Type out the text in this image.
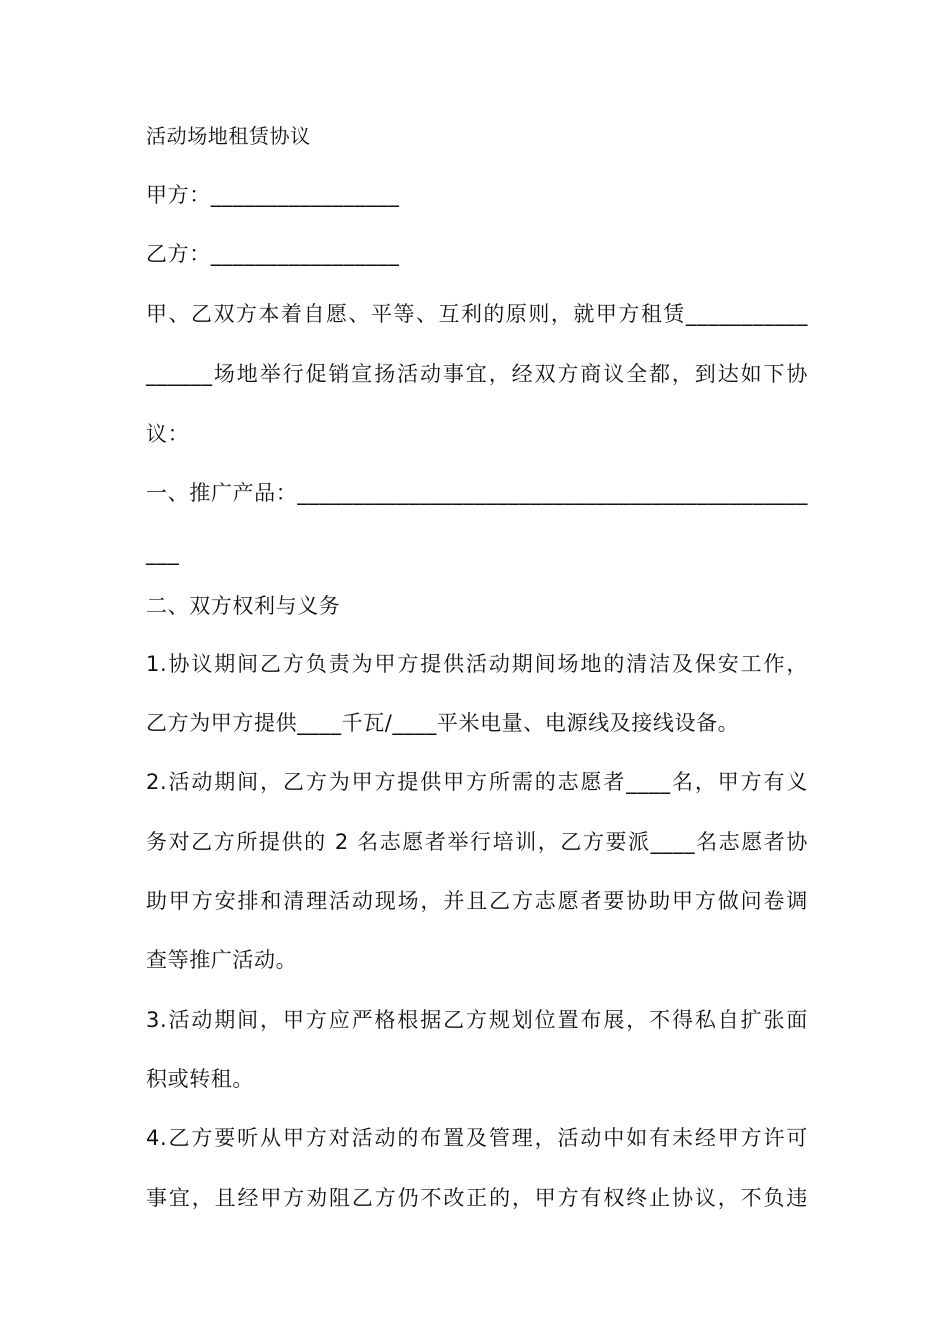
活动场地租赁协议
甲方：_________________
乙方：_________________
甲、乙双方本着自愿、平等、互利的原则，就甲方租赁___________
______场地举行促销宣扬活动事宜，经双方商议全都，到达如下协
议：
一、推广产品：______________________________________________
___
二、双方权利与义务
1.协议期间乙方负责为甲方提供活动期间场地的清洁及保安工作，
乙方为甲方提供____千瓦/____平米电量、电源线及接线设备。
2.活动期间，乙方为甲方提供甲方所需的志愿者____名，甲方有义
务对乙方所提供的 2 名志愿者举行培训，乙方要派____名志愿者协
助甲方安排和清理活动现场，并且乙方志愿者要协助甲方做问卷调
查等推广活动。
3.活动期间，甲方应严格根据乙方规划位置布展，不得私自扩张面
积或转租。
4.乙方要听从甲方对活动的布置及管理，活动中如有未经甲方许可
事宜，且经甲方劝阻乙方仍不改正的，甲方有权终止协议，不负违
